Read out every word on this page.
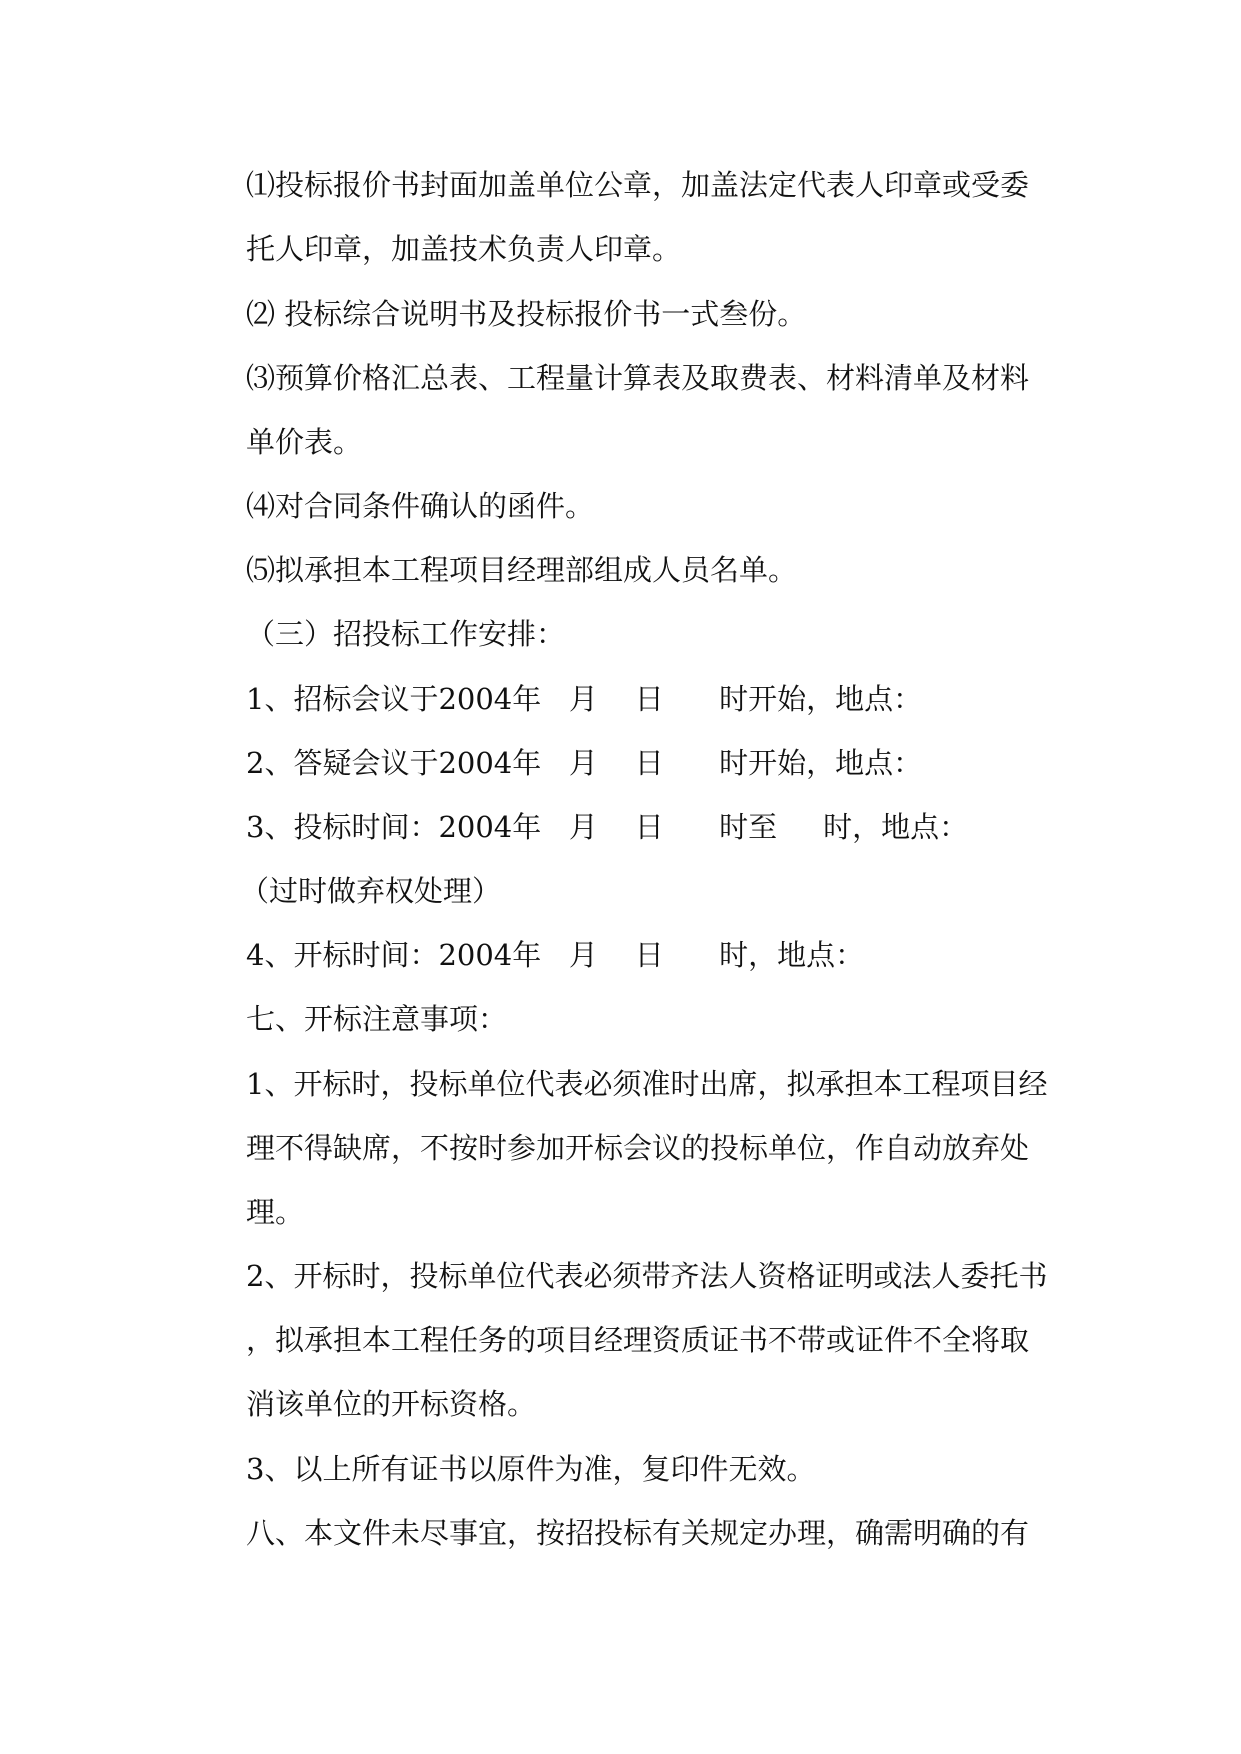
⑴投标报价书封面加盖单位公章，加盖法定代表人印章或受委
托人印章，加盖技术负责人印章。
⑵ 投标综合说明书及投标报价书一式叁份。
⑶预算价格汇总表、工程量计算表及取费表、材料清单及材料
单价表。
⑷对合同条件确认的函件。
⑸拟承担本工程项目经理部组成人员名单。
（三）招投标工作安排：
1、招标会议于2004年   月    日      时开始，地点：
2、答疑会议于2004年   月    日      时开始，地点：
3、投标时间：2004年   月    日      时至     时，地点：
（过时做弃权处理）
4、开标时间：2004年   月    日      时，地点：
七、开标注意事项：
1、开标时，投标单位代表必须准时出席，拟承担本工程项目经
理不得缺席，不按时参加开标会议的投标单位，作自动放弃处
理。
2、开标时，投标单位代表必须带齐法人资格证明或法人委托书
，拟承担本工程任务的项目经理资质证书不带或证件不全将取
消该单位的开标资格。
3、以上所有证书以原件为准，复印件无效。
八、本文件未尽事宜，按招投标有关规定办理，确需明确的有
